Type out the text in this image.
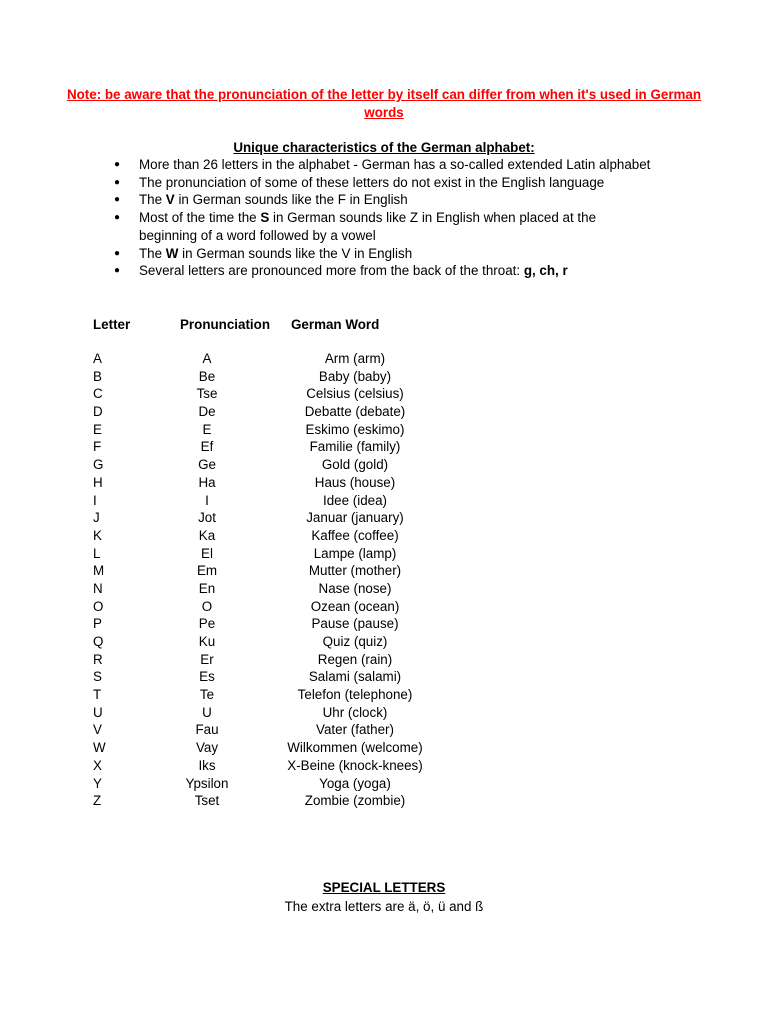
Note: be aware that the pronunciation of the letter by itself can differ from when it's used in German words
Unique characteristics of the German alphabet:
● More than 26 letters in the alphabet - German has a so-called extended Latin alphabet
● The pronunciation of some of these letters do not exist in the English language
● The V in German sounds like the F in English
● Most of the time the S in German sounds like Z in English when placed at the beginning of a word followed by a vowel
● The W in German sounds like the V in English
● Several letters are pronounced more from the back of the throat: g, ch, r
Letter	Pronunciation German Word
A	A	Arm (arm)
B	Be	Baby (baby)
C	Tse	Celsius (celsius)
D	De	Debatte (debate)
E	E	Eskimo (eskimo)
F	Ef	Familie (family)
G	Ge	Gold (gold)
H	Ha	Haus (house)
I	I	Idee (idea)
J	Jot	Januar (january)
K	Ka	Kaffee (coffee)
L	El	Lampe (lamp)
M	Em	Mutter (mother)
N	En	Nase (nose)
O	O	Ozean (ocean)
P	Pe	Pause (pause)
Q	Ku	Quiz (quiz)
R	Er	Regen (rain)
S	Es	Salami (salami)
T	Te	Telefon (telephone)
U	U	Uhr (clock)
V	Fau	Vater (father)
W	Vay	Wilkommen (welcome)
X	Iks	X-Beine (knock-knees)
Y	Ypsilon	Yoga (yoga)
Z	Tset	Zombie (zombie)
SPECIAL LETTERS
The extra letters are ä, ö, ü and ß
